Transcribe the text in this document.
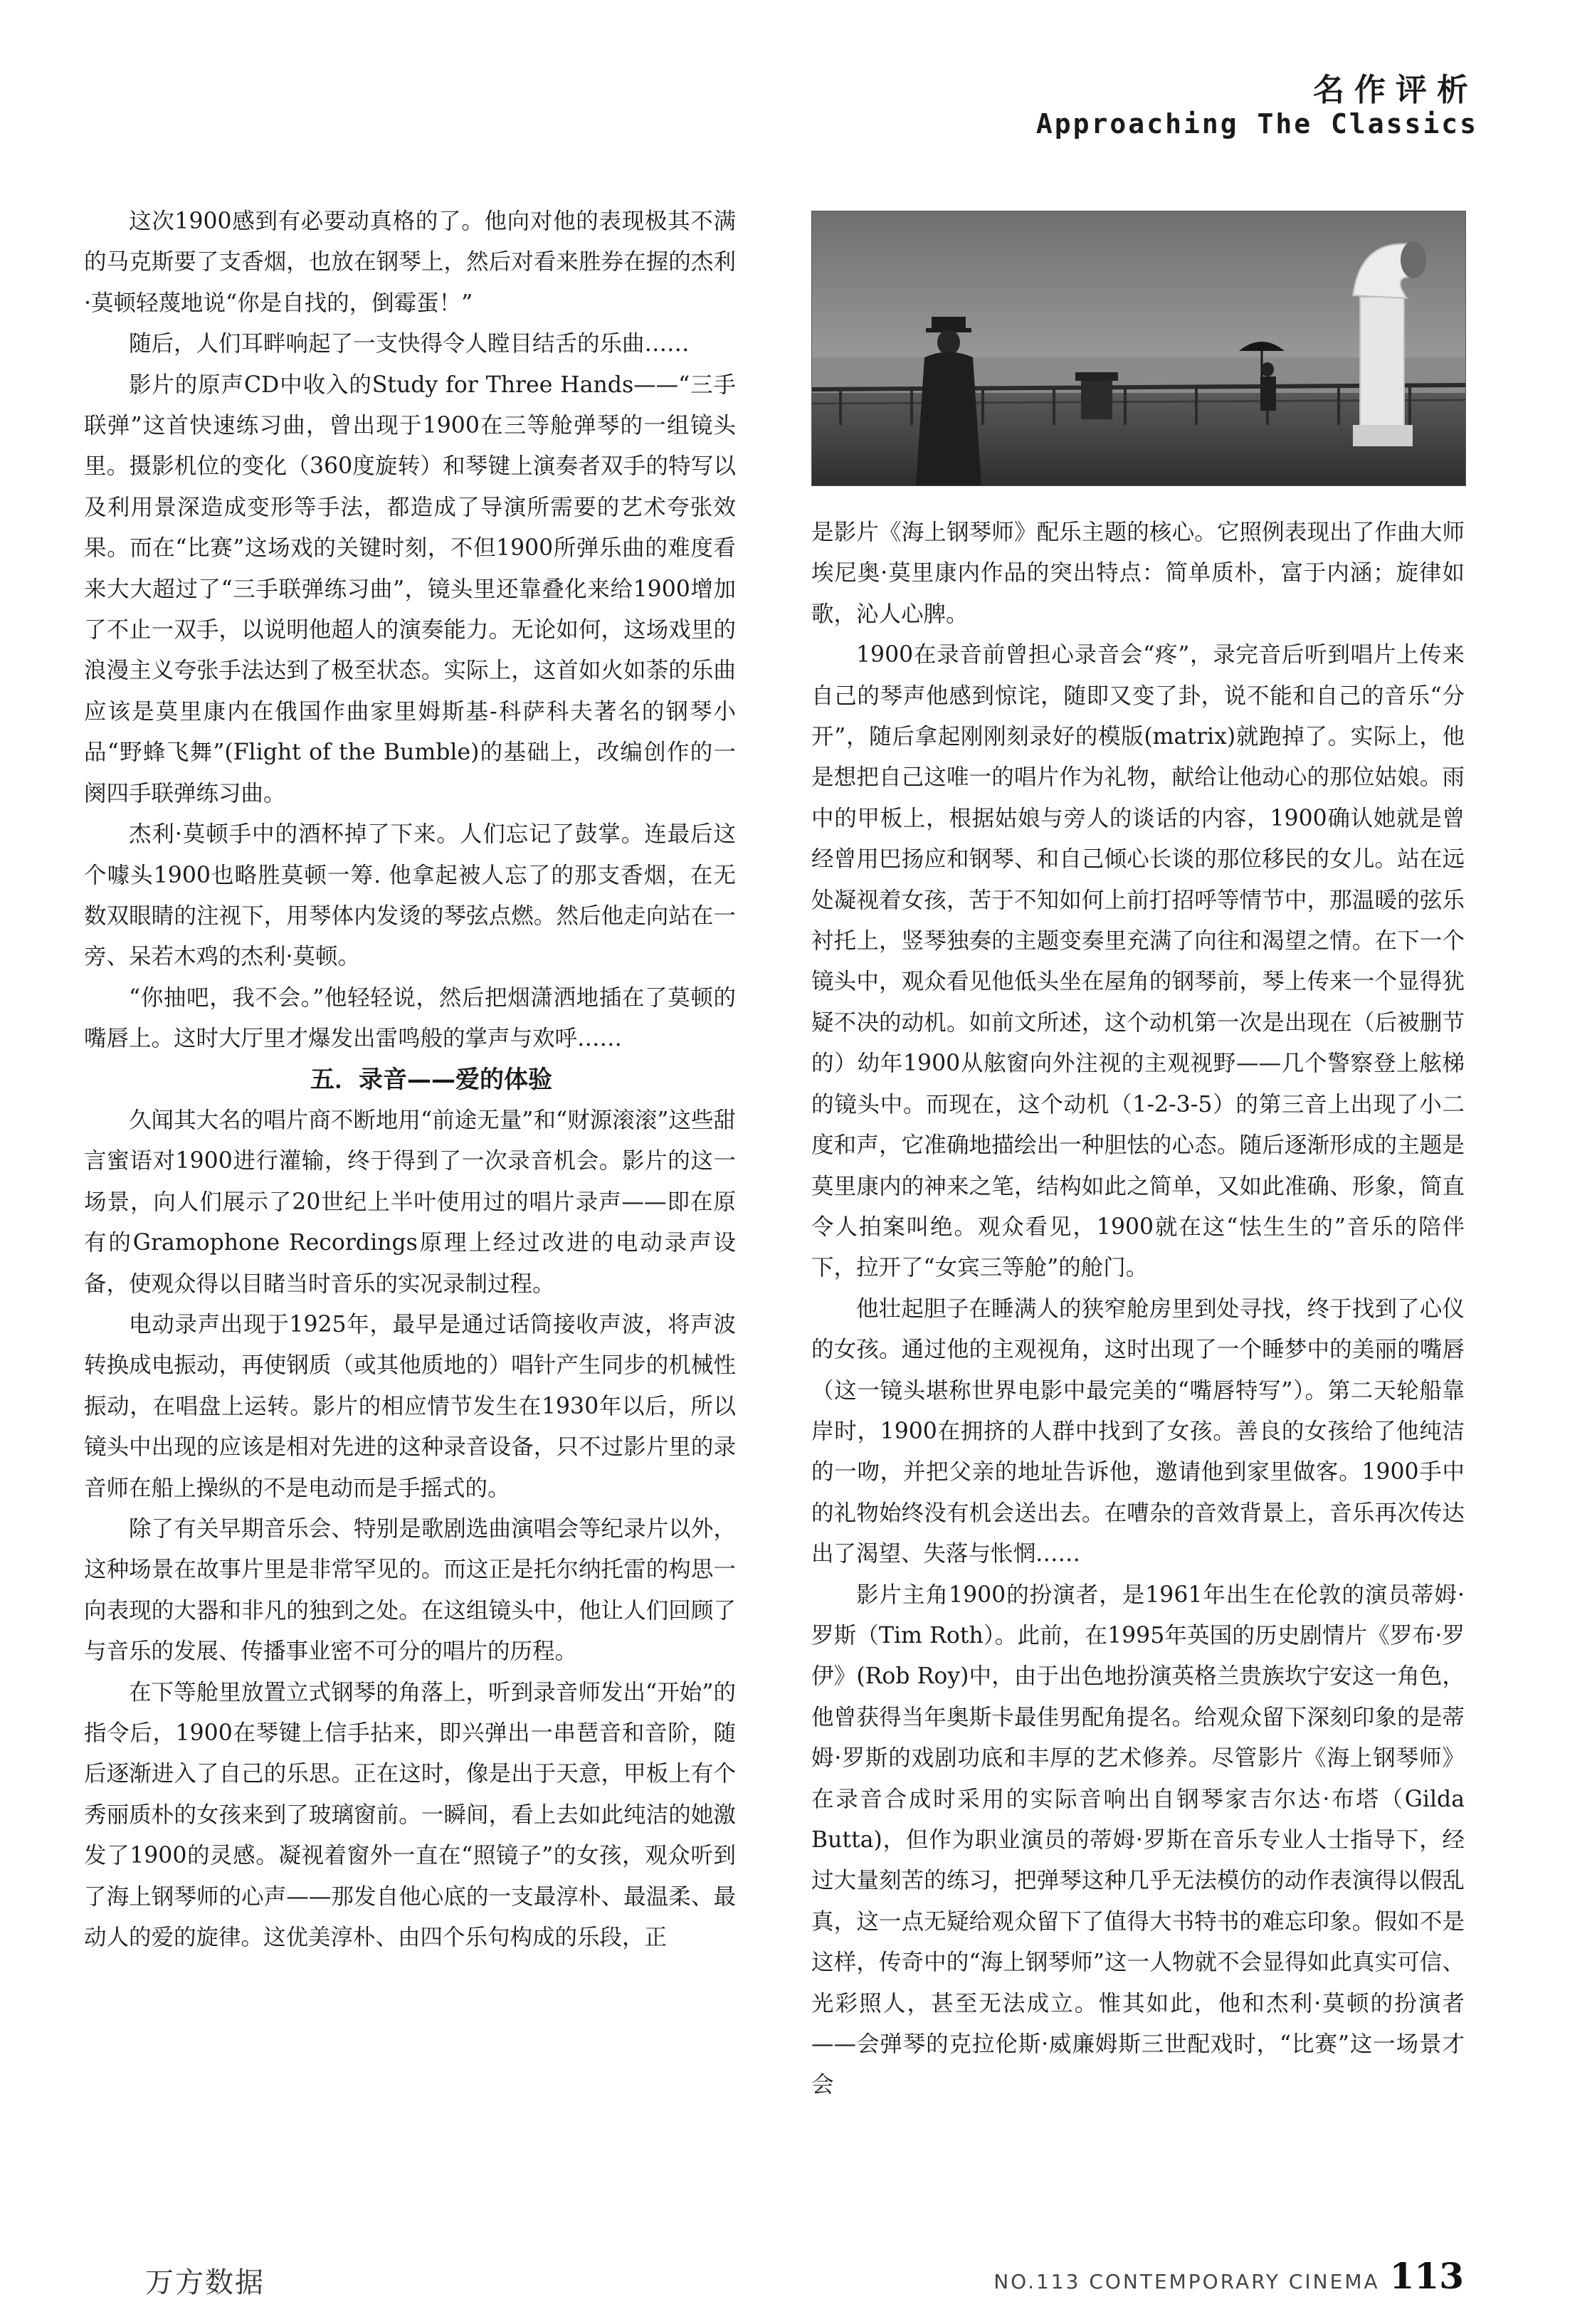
名作评析
Approaching The Classics

这次1900感到有必要动真格的了。他向对他的表现极其不满的马克斯要了支香烟，也放在钢琴上，然后对看来胜券在握的杰利·莫顿轻蔑地说“你是自找的，倒霉蛋！”

随后，人们耳畔响起了一支快得令人瞠目结舌的乐曲……

影片的原声CD中收入的Study for Three Hands——“三手联弹”这首快速练习曲，曾出现于1900在三等舱弹琴的一组镜头里。摄影机位的变化（360度旋转）和琴键上演奏者双手的特写以及利用景深造成变形等手法，都造成了导演所需要的艺术夸张效果。而在“比赛”这场戏的关键时刻，不但1900所弹乐曲的难度看来大大超过了“三手联弹练习曲”，镜头里还靠叠化来给1900增加了不止一双手，以说明他超人的演奏能力。无论如何，这场戏里的浪漫主义夸张手法达到了极至状态。实际上，这首如火如荼的乐曲应该是莫里康内在俄国作曲家里姆斯基-科萨科夫著名的钢琴小品“野蜂飞舞”(Flight of the Bumble)的基础上，改编创作的一阕四手联弹练习曲。

杰利·莫顿手中的酒杯掉了下来。人们忘记了鼓掌。连最后这个噱头1900也略胜莫顿一筹. 他拿起被人忘了的那支香烟，在无数双眼睛的注视下，用琴体内发烫的琴弦点燃。然后他走向站在一旁、呆若木鸡的杰利·莫顿。

“你抽吧，我不会。”他轻轻说，然后把烟潇洒地插在了莫顿的嘴唇上。这时大厅里才爆发出雷鸣般的掌声与欢呼……

五．录音——爱的体验

久闻其大名的唱片商不断地用“前途无量”和“财源滚滚”这些甜言蜜语对1900进行灌输，终于得到了一次录音机会。影片的这一场景，向人们展示了20世纪上半叶使用过的唱片录声——即在原有的Gramophone Recordings原理上经过改进的电动录声设备，使观众得以目睹当时音乐的实况录制过程。

电动录声出现于1925年，最早是通过话筒接收声波，将声波转换成电振动，再使钢质（或其他质地的）唱针产生同步的机械性振动，在唱盘上运转。影片的相应情节发生在1930年以后，所以镜头中出现的应该是相对先进的这种录音设备，只不过影片里的录音师在船上操纵的不是电动而是手摇式的。

除了有关早期音乐会、特别是歌剧选曲演唱会等纪录片以外，这种场景在故事片里是非常罕见的。而这正是托尔纳托雷的构思一向表现的大器和非凡的独到之处。在这组镜头中，他让人们回顾了与音乐的发展、传播事业密不可分的唱片的历程。

在下等舱里放置立式钢琴的角落上，听到录音师发出“开始”的指令后，1900在琴键上信手拈来，即兴弹出一串琶音和音阶，随后逐渐进入了自己的乐思。正在这时，像是出于天意，甲板上有个秀丽质朴的女孩来到了玻璃窗前。一瞬间，看上去如此纯洁的她激发了1900的灵感。凝视着窗外一直在“照镜子”的女孩，观众听到了海上钢琴师的心声——那发自他心底的一支最淳朴、最温柔、最动人的爱的旋律。这优美淳朴、由四个乐句构成的乐段，正

是影片《海上钢琴师》配乐主题的核心。它照例表现出了作曲大师埃尼奥·莫里康内作品的突出特点：简单质朴，富于内涵；旋律如歌，沁人心脾。

1900在录音前曾担心录音会“疼”，录完音后听到唱片上传来自己的琴声他感到惊诧，随即又变了卦，说不能和自己的音乐“分开”，随后拿起刚刚刻录好的模版(matrix)就跑掉了。实际上，他是想把自己这唯一的唱片作为礼物，献给让他动心的那位姑娘。雨中的甲板上，根据姑娘与旁人的谈话的内容，1900确认她就是曾经曾用巴扬应和钢琴、和自己倾心长谈的那位移民的女儿。站在远处凝视着女孩，苦于不知如何上前打招呼等情节中，那温暖的弦乐衬托上，竖琴独奏的主题变奏里充满了向往和渴望之情。在下一个镜头中，观众看见他低头坐在屋角的钢琴前，琴上传来一个显得犹疑不决的动机。如前文所述，这个动机第一次是出现在（后被删节的）幼年1900从舷窗向外注视的主观视野——几个警察登上舷梯的镜头中。而现在，这个动机（1-2-3-5）的第三音上出现了小二度和声，它准确地描绘出一种胆怯的心态。随后逐渐形成的主题是莫里康内的神来之笔，结构如此之简单，又如此准确、形象，简直令人拍案叫绝。观众看见，1900就在这“怯生生的”音乐的陪伴下，拉开了“女宾三等舱”的舱门。

他壮起胆子在睡满人的狭窄舱房里到处寻找，终于找到了心仪的女孩。通过他的主观视角，这时出现了一个睡梦中的美丽的嘴唇（这一镜头堪称世界电影中最完美的“嘴唇特写”）。第二天轮船靠岸时，1900在拥挤的人群中找到了女孩。善良的女孩给了他纯洁的一吻，并把父亲的地址告诉他，邀请他到家里做客。1900手中的礼物始终没有机会送出去。在嘈杂的音效背景上，音乐再次传达出了渴望、失落与怅惘……

影片主角1900的扮演者，是1961年出生在伦敦的演员蒂姆·罗斯（Tim Roth）。此前，在1995年英国的历史剧情片《罗布·罗伊》(Rob Roy)中，由于出色地扮演英格兰贵族坎宁安这一角色，他曾获得当年奥斯卡最佳男配角提名。给观众留下深刻印象的是蒂姆·罗斯的戏剧功底和丰厚的艺术修养。尽管影片《海上钢琴师》在录音合成时采用的实际音响出自钢琴家吉尔达·布塔（Gilda Butta)，但作为职业演员的蒂姆·罗斯在音乐专业人士指导下，经过大量刻苦的练习，把弹琴这种几乎无法模仿的动作表演得以假乱真，这一点无疑给观众留下了值得大书特书的难忘印象。假如不是这样，传奇中的“海上钢琴师”这一人物就不会显得如此真实可信、光彩照人，甚至无法成立。惟其如此，他和杰利·莫顿的扮演者——会弹琴的克拉伦斯·威廉姆斯三世配戏时，“比赛”这一场景才会

万方数据	NO.113 CONTEMPORARY CINEMA 113
